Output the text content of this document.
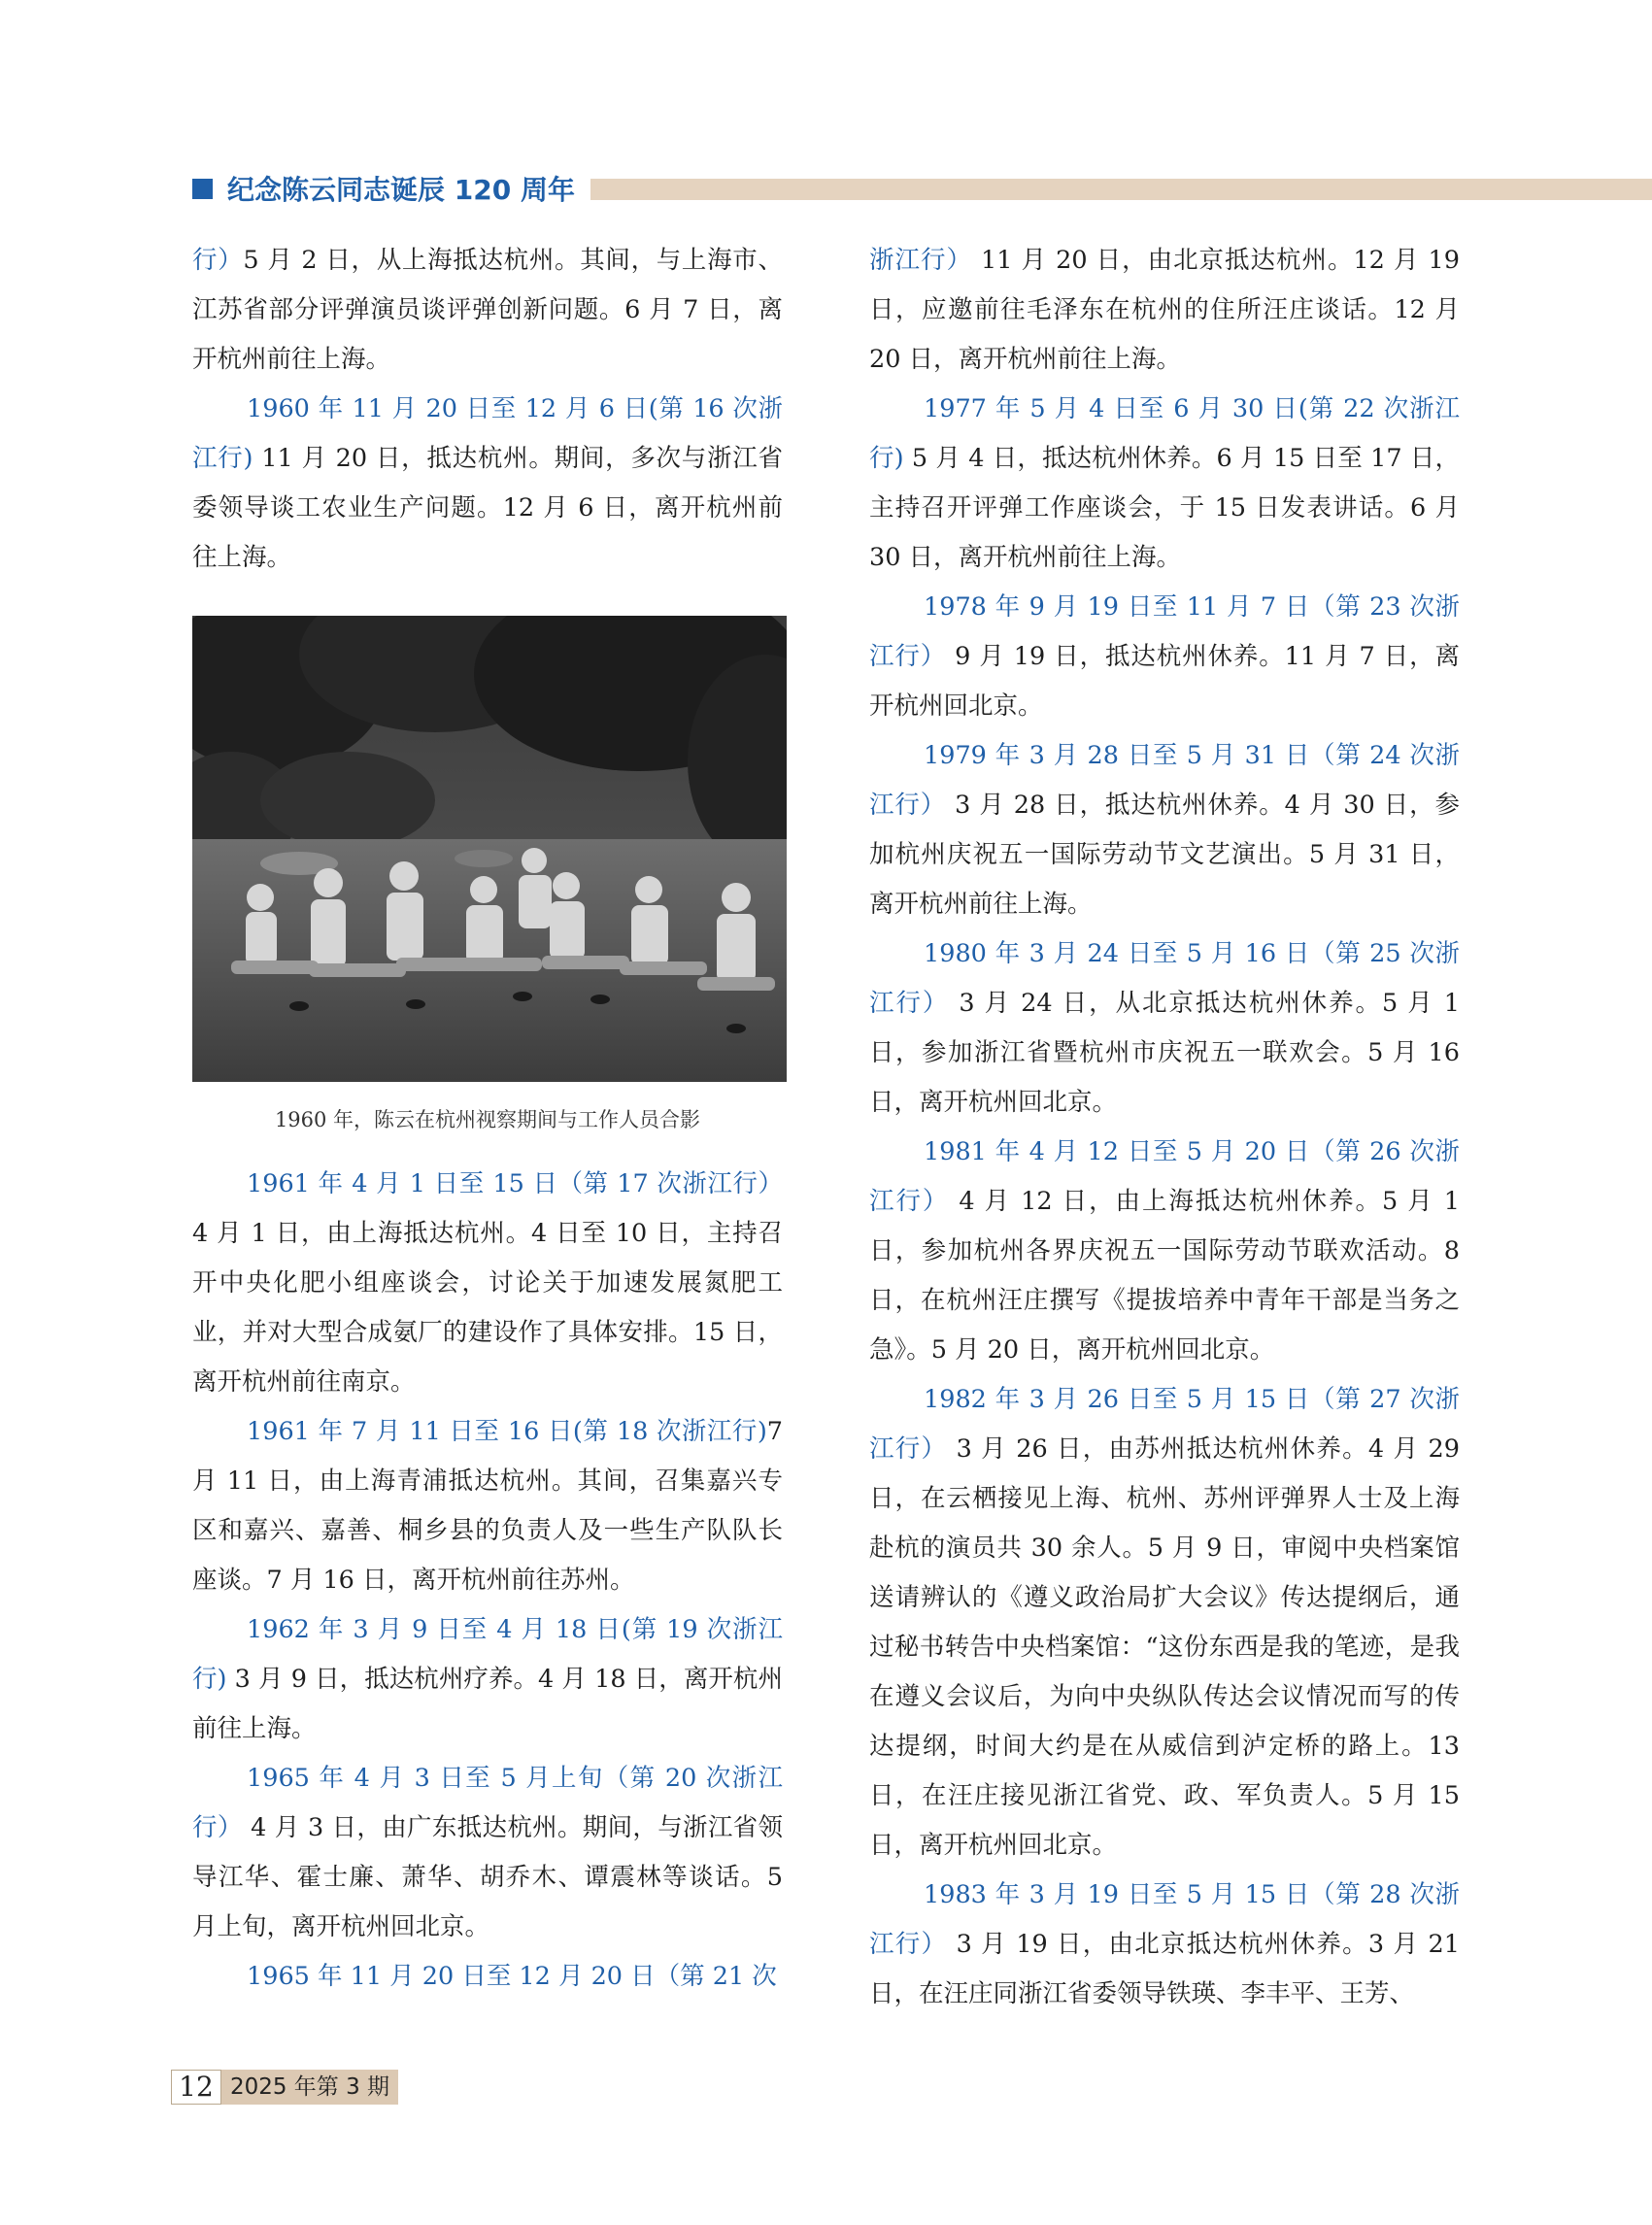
纪念陈云同志诞辰 120 周年

行）5 月 2 日，从上海抵达杭州。其间，与上海市、江苏省部分评弹演员谈评弹创新问题。6 月 7 日，离开杭州前往上海。

1960 年 11 月 20 日至 12 月 6 日(第 16 次浙江行) 11 月 20 日，抵达杭州。期间，多次与浙江省委领导谈工农业生产问题。12 月 6 日，离开杭州前往上海。

1960 年，陈云在杭州视察期间与工作人员合影

1961 年 4 月 1 日至 15 日（第 17 次浙江行）4 月 1 日，由上海抵达杭州。4 日至 10 日，主持召开中央化肥小组座谈会，讨论关于加速发展氮肥工业，并对大型合成氨厂的建设作了具体安排。15 日，离开杭州前往南京。

1961 年 7 月 11 日至 16 日(第 18 次浙江行)7 月 11 日，由上海青浦抵达杭州。其间，召集嘉兴专区和嘉兴、嘉善、桐乡县的负责人及一些生产队队长座谈。7 月 16 日，离开杭州前往苏州。

1962 年 3 月 9 日至 4 月 18 日(第 19 次浙江行) 3 月 9 日，抵达杭州疗养。4 月 18 日，离开杭州前往上海。

1965 年 4 月 3 日至 5 月上旬（第 20 次浙江行） 4 月 3 日，由广东抵达杭州。期间，与浙江省领导江华、霍士廉、萧华、胡乔木、谭震林等谈话。5 月上旬，离开杭州回北京。

1965 年 11 月 20 日至 12 月 20 日（第 21 次

浙江行） 11 月 20 日，由北京抵达杭州。12 月 19 日，应邀前往毛泽东在杭州的住所汪庄谈话。12 月 20 日，离开杭州前往上海。

1977 年 5 月 4 日至 6 月 30 日(第 22 次浙江行) 5 月 4 日，抵达杭州休养。6 月 15 日至 17 日，主持召开评弹工作座谈会，于 15 日发表讲话。6 月 30 日，离开杭州前往上海。

1978 年 9 月 19 日至 11 月 7 日（第 23 次浙江行） 9 月 19 日，抵达杭州休养。11 月 7 日，离开杭州回北京。

1979 年 3 月 28 日至 5 月 31 日（第 24 次浙江行） 3 月 28 日，抵达杭州休养。4 月 30 日，参加杭州庆祝五一国际劳动节文艺演出。5 月 31 日，离开杭州前往上海。

1980 年 3 月 24 日至 5 月 16 日（第 25 次浙江行） 3 月 24 日，从北京抵达杭州休养。5 月 1 日，参加浙江省暨杭州市庆祝五一联欢会。5 月 16 日，离开杭州回北京。

1981 年 4 月 12 日至 5 月 20 日（第 26 次浙江行） 4 月 12 日，由上海抵达杭州休养。5 月 1 日，参加杭州各界庆祝五一国际劳动节联欢活动。8 日，在杭州汪庄撰写《提拔培养中青年干部是当务之急》。5 月 20 日，离开杭州回北京。

1982 年 3 月 26 日至 5 月 15 日（第 27 次浙江行） 3 月 26 日，由苏州抵达杭州休养。4 月 29 日，在云栖接见上海、杭州、苏州评弹界人士及上海赴杭的演员共 30 余人。5 月 9 日，审阅中央档案馆送请辨认的《遵义政治局扩大会议》传达提纲后，通过秘书转告中央档案馆：“这份东西是我的笔迹，是我在遵义会议后，为向中央纵队传达会议情况而写的传达提纲，时间大约是在从威信到泸定桥的路上。13 日，在汪庄接见浙江省党、政、军负责人。5 月 15 日，离开杭州回北京。

1983 年 3 月 19 日至 5 月 15 日（第 28 次浙江行） 3 月 19 日，由北京抵达杭州休养。3 月 21 日，在汪庄同浙江省委领导铁瑛、李丰平、王芳、

12 2025 年第 3 期
